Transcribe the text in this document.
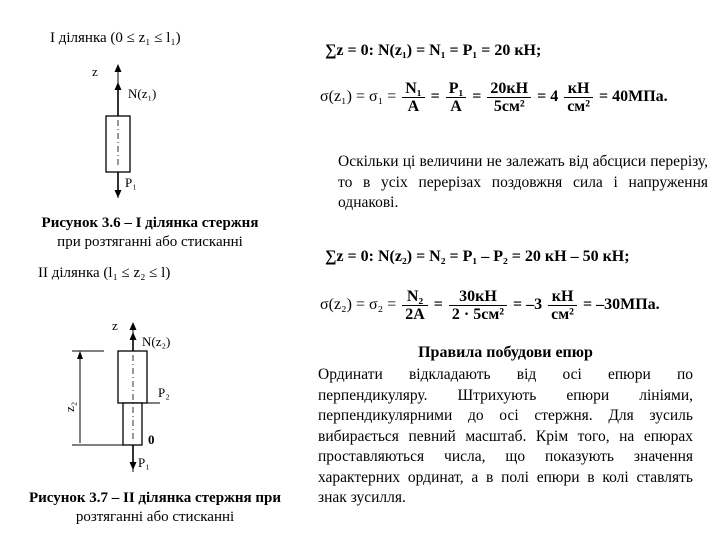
I ділянка (0 ≤ z₁ ≤ l₁)
z
N(z₁)
P₁
Рисунок 3.6 – I ділянка стержня
при розтяганні або стисканні
II ділянка (l₁ ≤ z₂ ≤ l)
z
N(z₂)
P₂
0
P₁
z₂
Рисунок 3.7 – II ділянка стержня при
розтяганні або стисканні
∑z = 0: N(z₁) = N₁ = P₁ = 20 кН;
$\sigma(z_1) = \sigma_1 = \frac{\text{N₁}}{A} = \frac{\text{P₁}}{A} = \frac{20кН}{\text{5см²}} = 4 \frac{кН}{\text{см²}} = 40МПа$.
Оскільки ці величини не залежать від абсциси перерізу, то в усіх перерізах поздовжня сила і напруження однакові.
∑z = 0: N(z₂) = N₂ = P₁ – P₂ = 20 кН – 50 кН;
$\sigma(z_2) = \sigma_2 = \frac{\text{N₂}}{2A} = \frac{30кН}{\text{2 · 5см²}} = -3 \frac{кН}{\text{см²}} = -30МПа$.
Правила побудови епюр
Ординати відкладають від осі епюри по перпендикуляру. Штрихують епюри лініями, перпендикулярними до осі стержня. Для зусиль вибирається певний масштаб. Крім того, на епюрах проставляються числа, що показують значення характерних ординат, а в полі епюри в колі ставлять знак зусилля.
